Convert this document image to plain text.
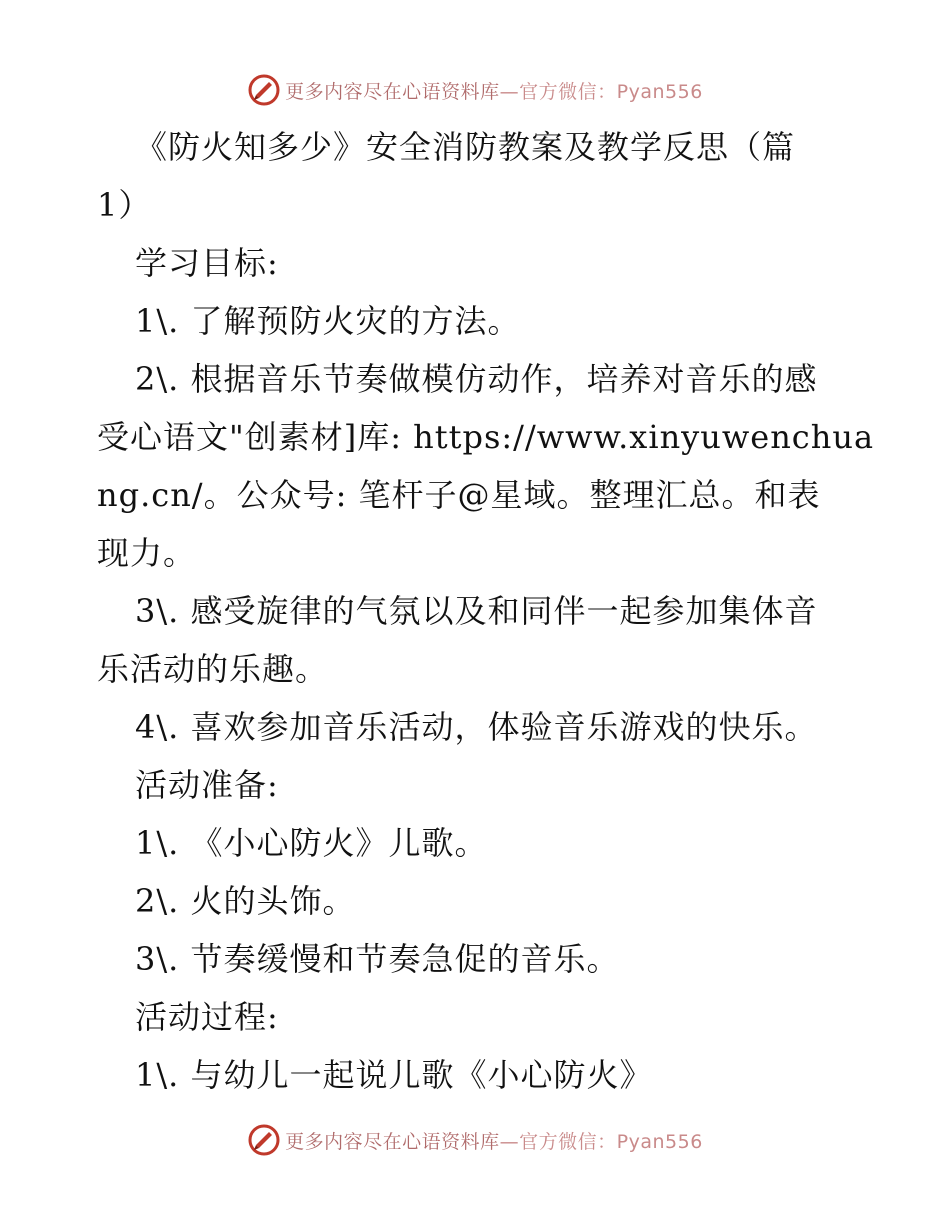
更多内容尽在心语资料库—官方微信：Pyan556
《防火知多少》安全消防教案及教学反思（篇
1）
学习目标:
1\. 了解预防火灾的方法。
2\. 根据音乐节奏做模仿动作，培养对音乐的感
受心语文"创素材]库: https://www.xinyuwenchua
ng.cn/。公众号: 笔杆子@星域。整理汇总。和表
现力。
3\. 感受旋律的气氛以及和同伴一起参加集体音
乐活动的乐趣。
4\. 喜欢参加音乐活动，体验音乐游戏的快乐。
活动准备:
1\. 《小心防火》儿歌。
2\. 火的头饰。
3\. 节奏缓慢和节奏急促的音乐。
活动过程:
1\. 与幼儿一起说儿歌《小心防火》
更多内容尽在心语资料库—官方微信：Pyan556
